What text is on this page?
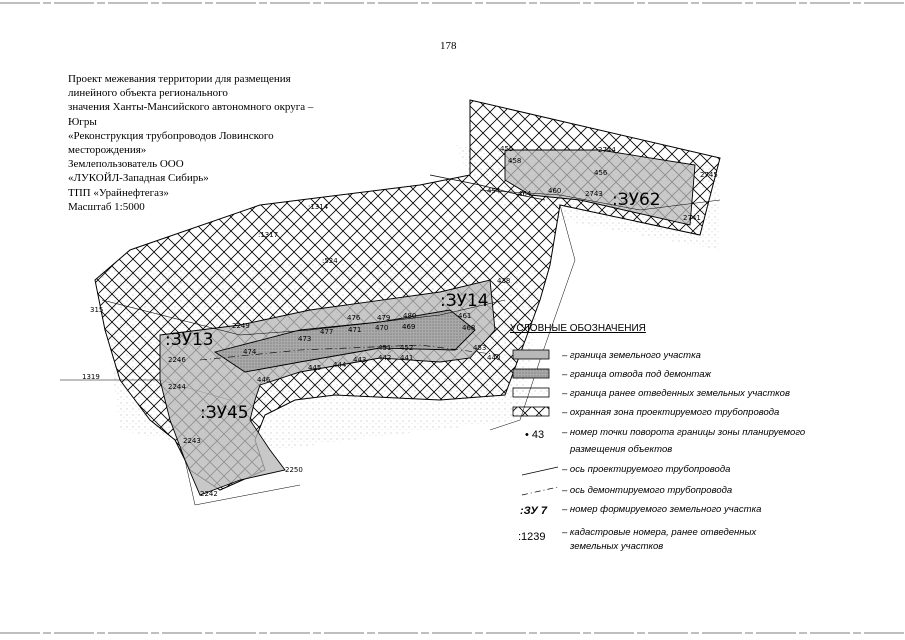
178
:ЗУ62
:ЗУ14
:ЗУ13
:ЗУ45
:1314
:1317
:524
315
1319
455	2744
458
456	2745
454	464 460	2743
2741
438
2249
476 479 480	461
477 471 470 469	468
473
451 452	453
474
443 442 441	440
445 444
446
2246
2244
2243
2250
2242
УСЛОВНЫЕ ОБОЗНАЧЕНИЯ
– граница земельного участка
– граница отвода под демонтаж
– граница ранее отведенных земельных участков
– охранная зона проектируемого трубопровода
• 43 – номер точки поворота границы зоны планируемого
размещения объектов
– ось проектируемого трубопровода
– ось демонтируемого трубопровода
:ЗУ 7 – номер формируемого земельного участка
:1239 – кадастровые номера, ранее отведенных
земельных участков
Проект межевания территории для размещения
линейного объекта регионального
значения Ханты-Мансийского автономного округа –
Югры
«Реконструкция трубопроводов Ловинского
месторождения»
Землепользователь ООО
«ЛУКОЙЛ-Западная Сибирь»
ТПП «Урайнефтегаз»
Масштаб 1:5000
